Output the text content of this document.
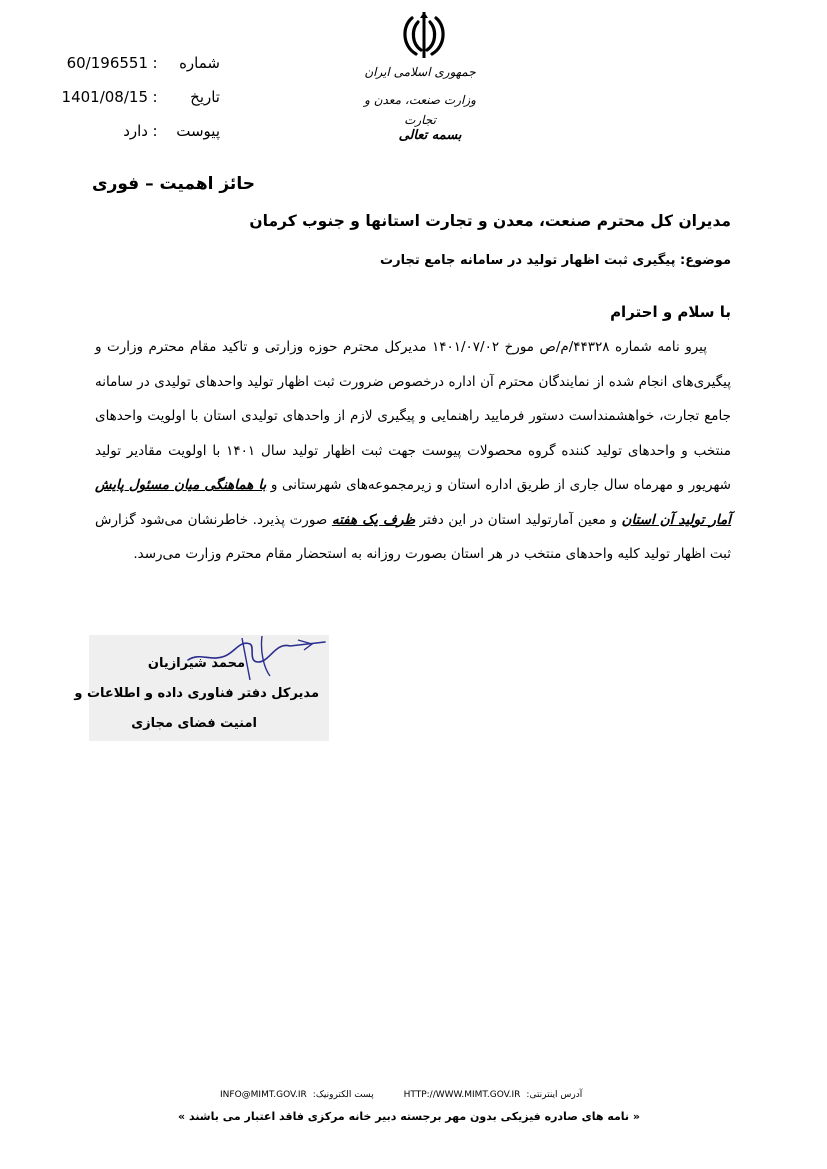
شماره
:
60/196551
تاریخ
:
1401/08/15
پیوست
:
دارد
جمهوری اسلامی ایران
وزارت صنعت، معدن و تجارت
بسمه تعالی
حائز اهمیت – فوری
مدیران کل محترم صنعت، معدن و تجارت استانها و جنوب کرمان
موضوع: پیگیری ثبت اظهار تولید در سامانه جامع تجارت
با سلام و احترام
پیرو نامه شماره ۴۴۳۲۸/م/ص مورخ ۱۴۰۱/۰۷/۰۲ مدیرکل محترم حوزه وزارتی و تاکید مقام محترم وزارت و پیگیری‌های انجام شده از نمایندگان محترم آن اداره درخصوص ضرورت ثبت اظهار تولید واحدهای تولیدی در سامانه جامع تجارت، خواهشمنداست دستور فرمایید راهنمایی و پیگیری لازم از واحدهای تولیدی استان با اولویت واحدهای منتخب و واحدهای تولید کننده گروه محصولات پیوست جهت ثبت اظهار تولید سال ۱۴۰۱ با اولویت مقادیر تولید شهریور و مهرماه سال جاری از طریق اداره استان و زیرمجموعه‌های شهرستانی و با هماهنگی میان مسئول پایش آمار تولید آن استان و معین آمارتولید استان در این دفتر ظرف یک هفته صورت پذیرد. خاطرنشان می‌شود گزارش ثبت اظهار تولید کلیه واحدهای منتخب در هر استان بصورت روزانه به استحضار مقام محترم وزارت می‌رسد.
محمد شیرازیان
مدیرکل دفتر فناوری داده و اطلاعات و
امنیت فضای مجازی
INFO@MIMT.GOV.IR :پست الکترونیک	HTTP://WWW.MIMT.GOV.IR :آدرس اینترنتی
« نامه های صادره فیزیکی بدون مهر برجسته دبیر خانه مرکزی فاقد اعتبار می باشند »
